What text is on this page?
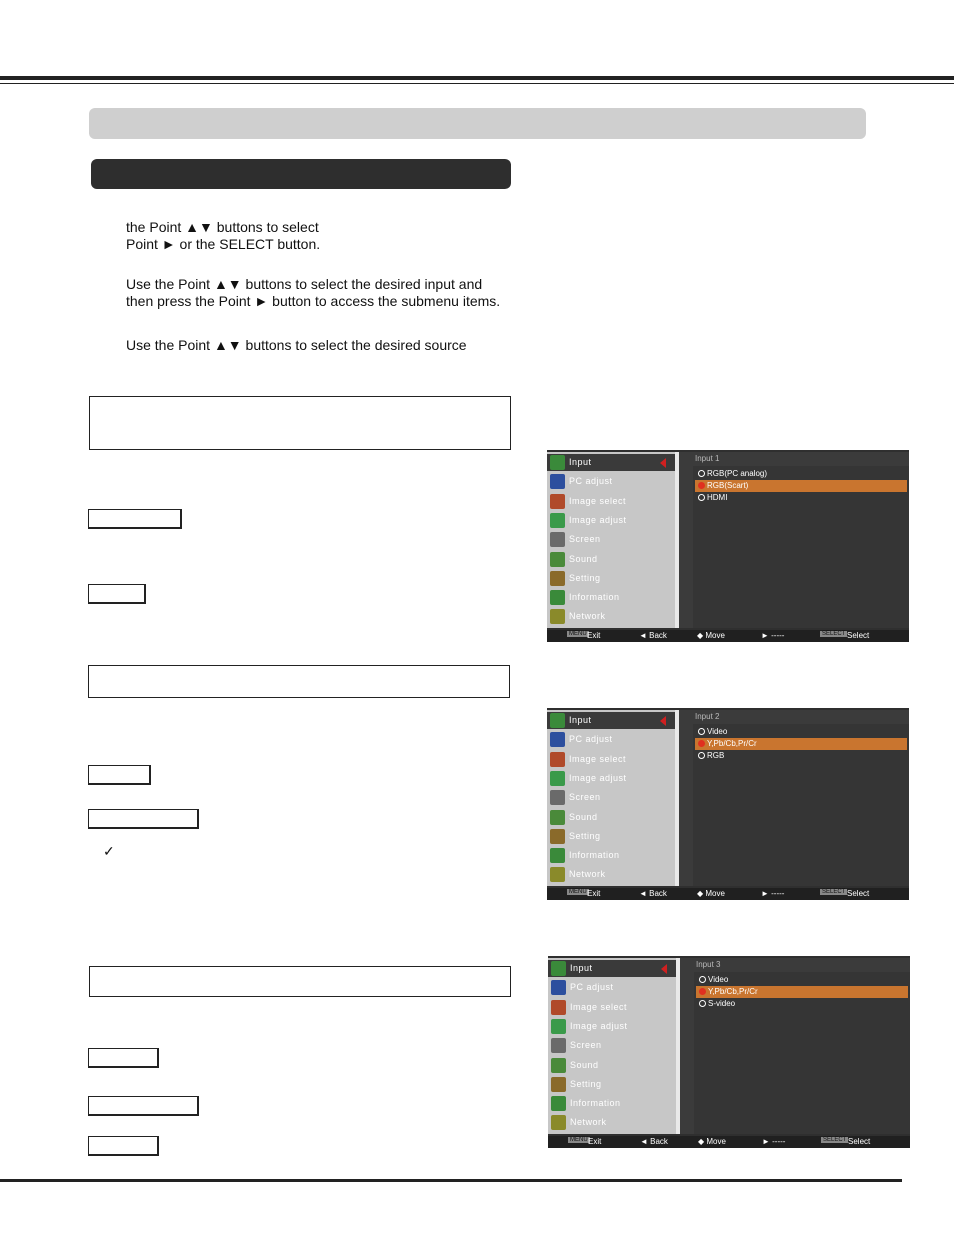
the Point ▲▼ buttons to select
Point ► or the SELECT button.
Use the Point ▲▼ buttons to select the desired input and
then press the Point ► button to access the submenu items.
Use the Point ▲▼ buttons to select the desired source
✓
Input
PC adjust
Image select
Image adjust
Screen
Sound
Setting
Information
Network
Input 1
RGB(PC analog)
RGB(Scart)
HDMI
MENU Exit	◄ Back	◆ Move	► -----	SELECT Select
Input
PC adjust
Image select
Image adjust
Screen
Sound
Setting
Information
Network
Input 2
Video
Y,Pb/Cb,Pr/Cr
RGB
MENU Exit	◄ Back	◆ Move	► -----	SELECT Select
Input
PC adjust
Image select
Image adjust
Screen
Sound
Setting
Information
Network
Input 3
Video
Y,Pb/Cb,Pr/Cr
S-video
MENU Exit	◄ Back	◆ Move	► -----	SELECT Select
